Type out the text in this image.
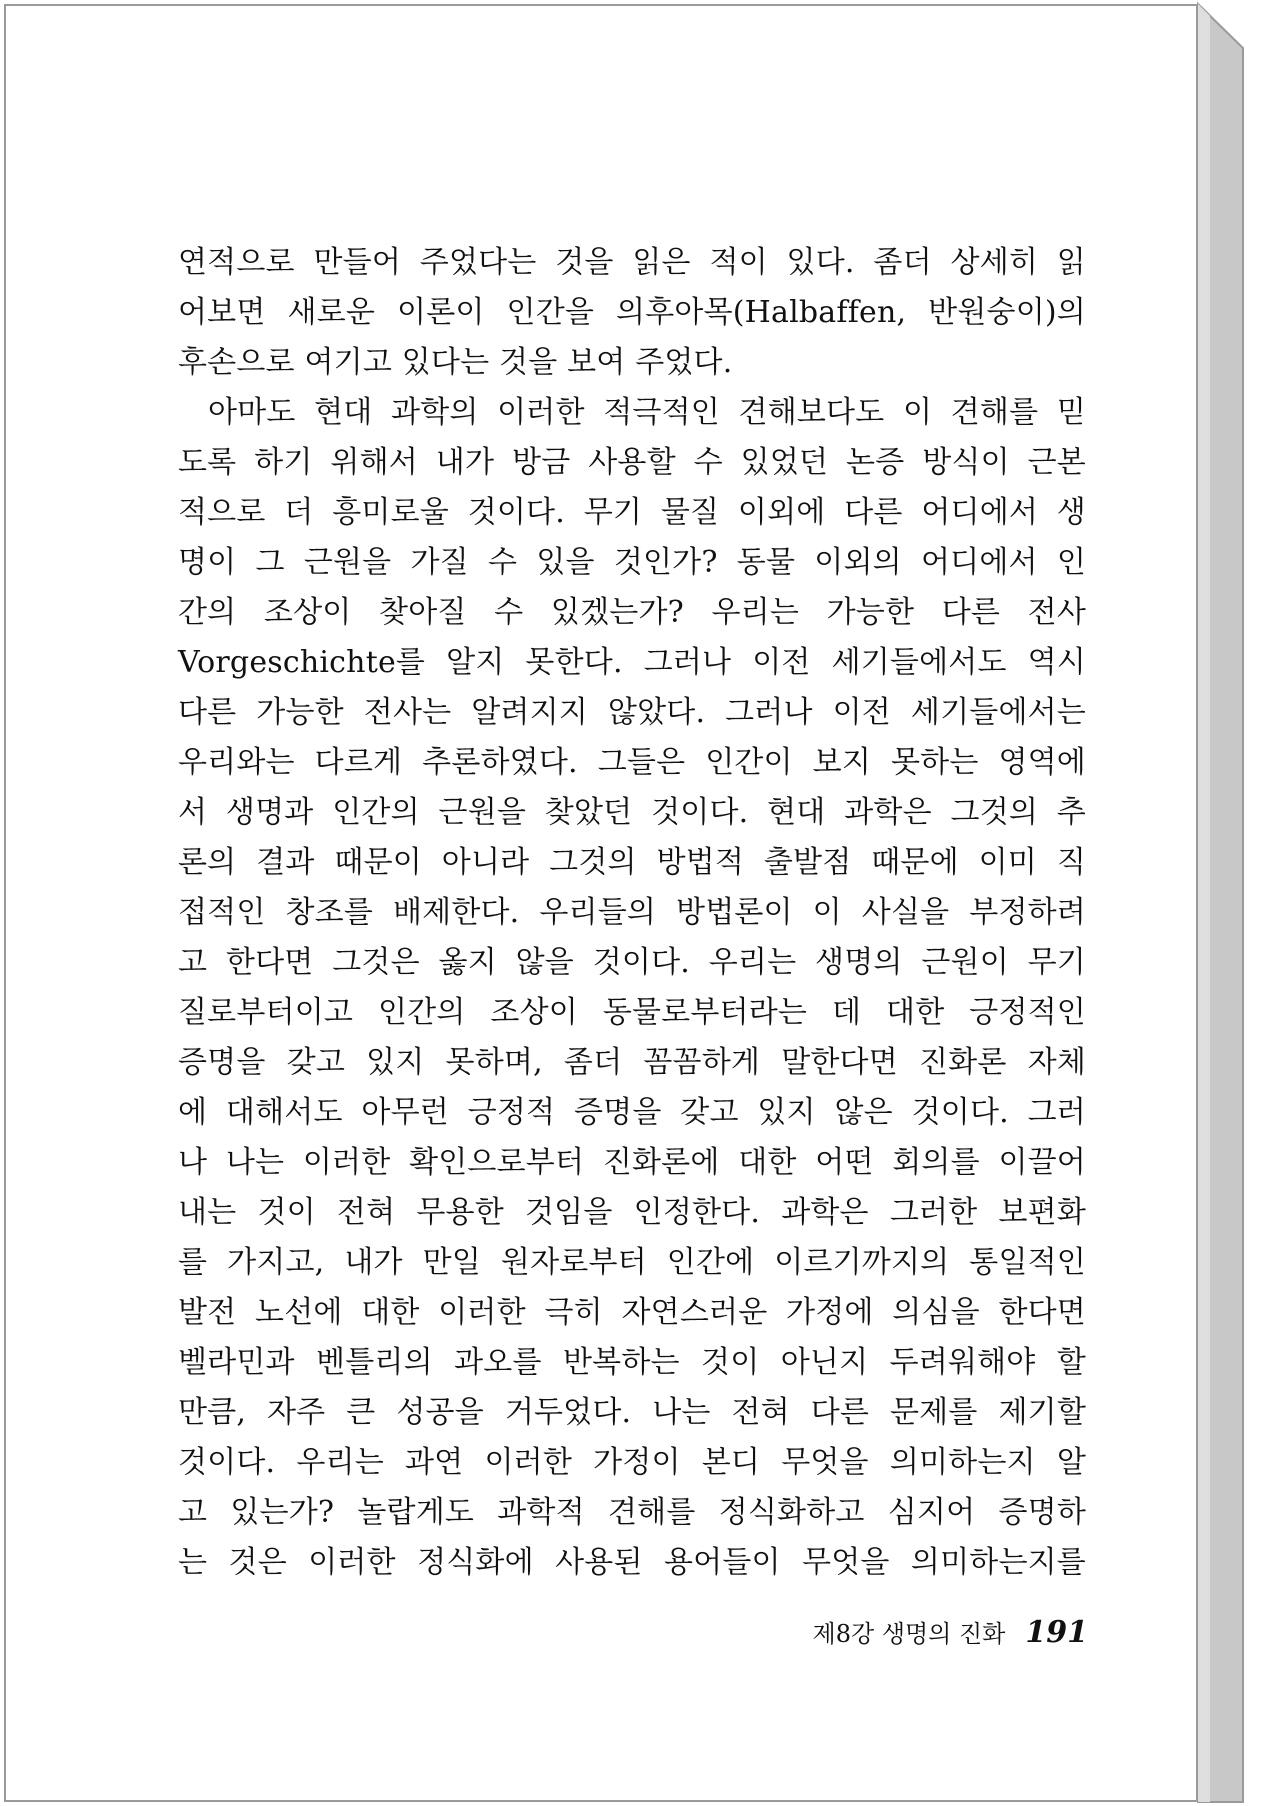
연적으로 만들어 주었다는 것을 읽은 적이 있다. 좀더 상세히 읽
어보면 새로운 이론이 인간을 의후아목(Halbaffen, 반원숭이)의
후손으로 여기고 있다는 것을 보여 주었다.
아마도 현대 과학의 이러한 적극적인 견해보다도 이 견해를 믿
도록 하기 위해서 내가 방금 사용할 수 있었던 논증 방식이 근본
적으로 더 흥미로울 것이다. 무기 물질 이외에 다른 어디에서 생
명이 그 근원을 가질 수 있을 것인가? 동물 이외의 어디에서 인
간의 조상이 찾아질 수 있겠는가? 우리는 가능한 다른 전사
Vorgeschichte를 알지 못한다. 그러나 이전 세기들에서도 역시
다른 가능한 전사는 알려지지 않았다. 그러나 이전 세기들에서는
우리와는 다르게 추론하였다. 그들은 인간이 보지 못하는 영역에
서 생명과 인간의 근원을 찾았던 것이다. 현대 과학은 그것의 추
론의 결과 때문이 아니라 그것의 방법적 출발점 때문에 이미 직
접적인 창조를 배제한다. 우리들의 방법론이 이 사실을 부정하려
고 한다면 그것은 옳지 않을 것이다. 우리는 생명의 근원이 무기
질로부터이고 인간의 조상이 동물로부터라는 데 대한 긍정적인
증명을 갖고 있지 못하며, 좀더 꼼꼼하게 말한다면 진화론 자체
에 대해서도 아무런 긍정적 증명을 갖고 있지 않은 것이다. 그러
나 나는 이러한 확인으로부터 진화론에 대한 어떤 회의를 이끌어
내는 것이 전혀 무용한 것임을 인정한다. 과학은 그러한 보편화
를 가지고, 내가 만일 원자로부터 인간에 이르기까지의 통일적인
발전 노선에 대한 이러한 극히 자연스러운 가정에 의심을 한다면
벨라민과 벤틀리의 과오를 반복하는 것이 아닌지 두려워해야 할
만큼, 자주 큰 성공을 거두었다. 나는 전혀 다른 문제를 제기할
것이다. 우리는 과연 이러한 가정이 본디 무엇을 의미하는지 알
고 있는가? 놀랍게도 과학적 견해를 정식화하고 심지어 증명하
는 것은 이러한 정식화에 사용된 용어들이 무엇을 의미하는지를
제8강 생명의 진화 191
